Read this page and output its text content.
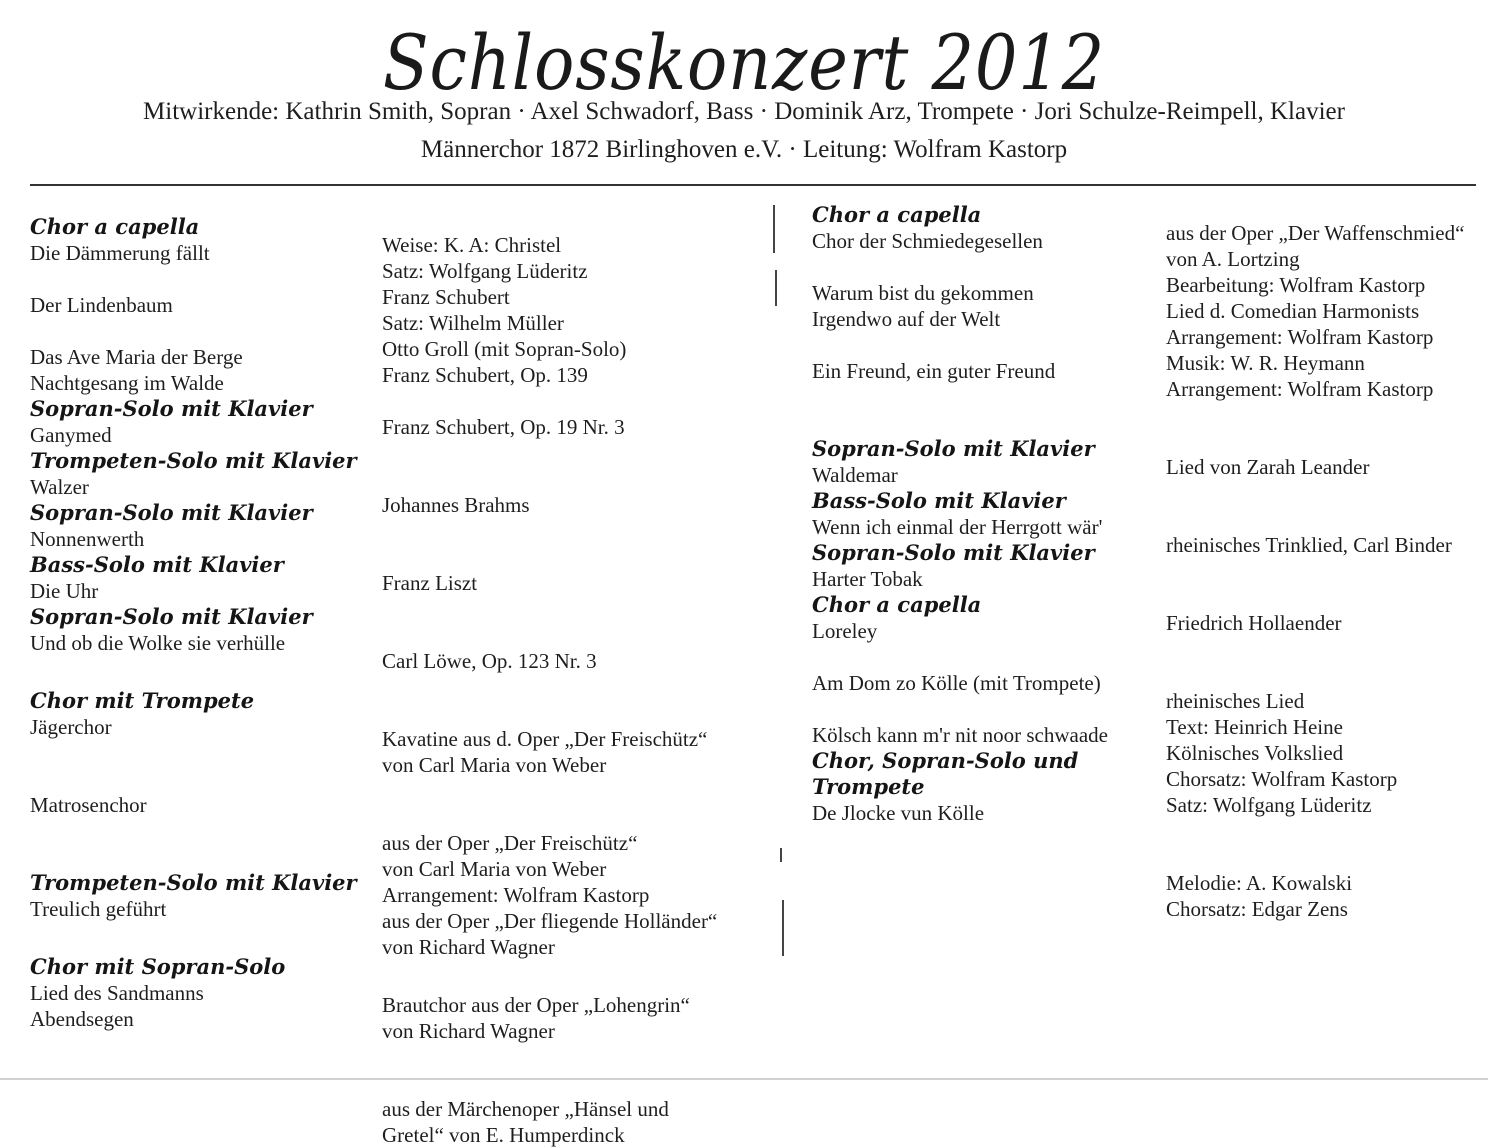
Schlosskonzert 2012
Mitwirkende: Kathrin Smith, Sopran · Axel Schwadorf, Bass · Dominik Arz, Trompete · Jori Schulze-Reimpell, Klavier
Männerchor 1872 Birlinghoven e.V. · Leitung: Wolfram Kastorp
Chor a capella
Die Dämmerung fällt
Der Lindenbaum
Das Ave Maria der Berge
Nachtgesang im Walde
Sopran-Solo mit Klavier
Ganymed
Trompeten-Solo mit Klavier
Walzer
Sopran-Solo mit Klavier
Nonnenwerth
Bass-Solo mit Klavier
Die Uhr
Sopran-Solo mit Klavier
Und ob die Wolke sie verhülle
Chor mit Trompete
Jägerchor
Matrosenchor
Trompeten-Solo mit Klavier
Treulich geführt
Chor mit Sopran-Solo
Lied des Sandmanns
Abendsegen
Weise: K. A: Christel
Satz: Wolfgang Lüderitz
Franz Schubert
Satz: Wilhelm Müller
Otto Groll (mit Sopran-Solo)
Franz Schubert, Op. 139
Franz Schubert, Op. 19 Nr. 3
Johannes Brahms
Franz Liszt
Carl Löwe, Op. 123 Nr. 3
Kavatine aus d. Oper „Der Freischütz“
von Carl Maria von Weber
aus der Oper „Der Freischütz“
von Carl Maria von Weber
Arrangement: Wolfram Kastorp
aus der Oper „Der fliegende Holländer“
von Richard Wagner
Brautchor aus der Oper „Lohengrin“
von Richard Wagner
aus der Märchenoper „Hänsel und
Gretel“ von E. Humperdinck
Chor a capella
Chor der Schmiedegesellen
Warum bist du gekommen
Irgendwo auf der Welt
Ein Freund, ein guter Freund
Sopran-Solo mit Klavier
Waldemar
Bass-Solo mit Klavier
Wenn ich einmal der Herrgott wär'
Sopran-Solo mit Klavier
Harter Tobak
Chor a capella
Loreley
Am Dom zo Kölle (mit Trompete)
Kölsch kann m'r nit noor schwaade
Chor, Sopran-Solo und Trompete
De Jlocke vun Kölle
aus der Oper „Der Waffenschmied“
von A. Lortzing
Bearbeitung: Wolfram Kastorp
Lied d. Comedian Harmonists
Arrangement: Wolfram Kastorp
Musik: W. R. Heymann
Arrangement: Wolfram Kastorp
Lied von Zarah Leander
rheinisches Trinklied, Carl Binder
Friedrich Hollaender
rheinisches Lied
Text: Heinrich Heine
Kölnisches Volkslied
Chorsatz: Wolfram Kastorp
Satz: Wolfgang Lüderitz
Melodie: A. Kowalski
Chorsatz: Edgar Zens
